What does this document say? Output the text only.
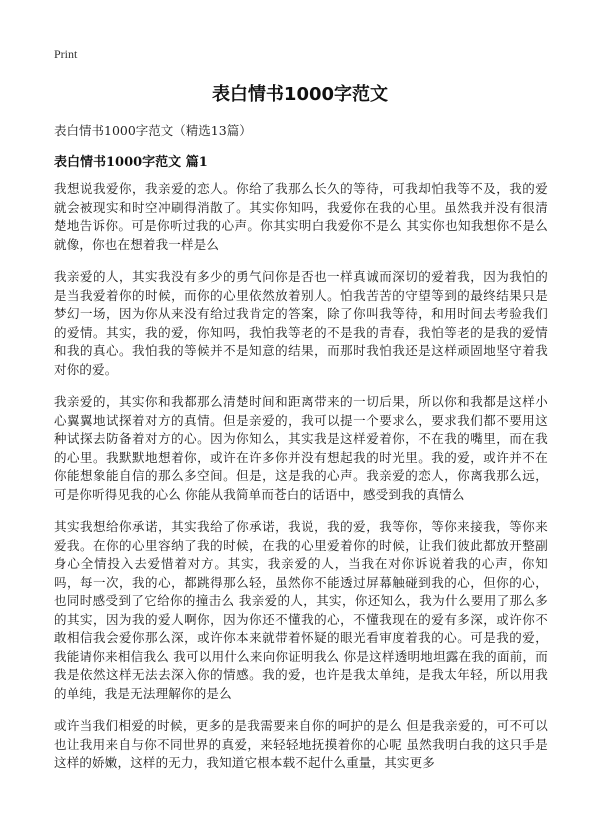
Print
表白情书1000字范文
表白情书1000字范文（精选13篇）
表白情书1000字范文 篇1

我想说我爱你，我亲爱的恋人。你给了我那么长久的等待，可我却怕我等不及，我的爱就会被现实和时空冲刷得消散了。其实你知吗，我爱你在我的心里。虽然我并没有很清楚地告诉你。可是你听过我的心声。你其实明白我爱你不是么 其实你也知我想你不是么 就像，你也在想着我一样是么

我亲爱的人，其实我没有多少的勇气问你是否也一样真诚而深切的爱着我，因为我怕的是当我爱着你的时候，而你的心里依然放着别人。怕我苦苦的守望等到的最终结果只是梦幻一场，因为你从来没有给过我肯定的答案，除了你叫我等待，和用时间去考验我们的爱情。其实，我的爱，你知吗，我怕我等老的不是我的青春，我怕等老的是我的爱情和我的真心。我怕我的等候并不是知意的结果，而那时我怕我还是这样顽固地坚守着我对你的爱。

我亲爱的，其实你和我都那么清楚时间和距离带来的一切后果，所以你和我都是这样小心翼翼地试探着对方的真情。但是亲爱的，我可以提一个要求么，要求我们都不要用这种试探去防备着对方的心。因为你知么，其实我是这样爱着你，不在我的嘴里，而在我的心里。我默默地想着你，或许在许多你并没有想起我的时光里。我的爱，或许并不在你能想象能自信的那么多空间。但是，这是我的心声。我亲爱的恋人，你离我那么远，可是你听得见我的心么 你能从我简单而苍白的话语中，感受到我的真情么

其实我想给你承诺，其实我给了你承诺，我说，我的爱，我等你，等你来接我，等你来爱我。在你的心里容纳了我的时候，在我的心里爱着你的时候，让我们彼此都放开整副身心全情投入去爱惜着对方。其实，我亲爱的人，当我在对你诉说着我的心声，你知吗，每一次，我的心，都跳得那么轻，虽然你不能透过屏幕触碰到我的心，但你的心，也同时感受到了它给你的撞击么 我亲爱的人，其实，你还知么，我为什么要用了那么多的其实，因为我的爱人啊你，因为你还不懂我的心，不懂我现在的爱有多深，或许你不敢相信我会爱你那么深，或许你本来就带着怀疑的眼光看审度着我的心。可是我的爱，我能请你来相信我么 我可以用什么来向你证明我么 你是这样透明地坦露在我的面前，而我是依然这样无法去深入你的情感。我的爱，也许是我太单纯，是我太年轻，所以用我的单纯，我是无法理解你的是么

或许当我们相爱的时候，更多的是我需要来自你的呵护的是么 但是我亲爱的，可不可以也让我用来自与你不同世界的真爱，来轻轻地抚摸着你的心呢 虽然我明白我的这只手是这样的娇嫩，这样的无力，我知道它根本载不起什么重量，其实更多
